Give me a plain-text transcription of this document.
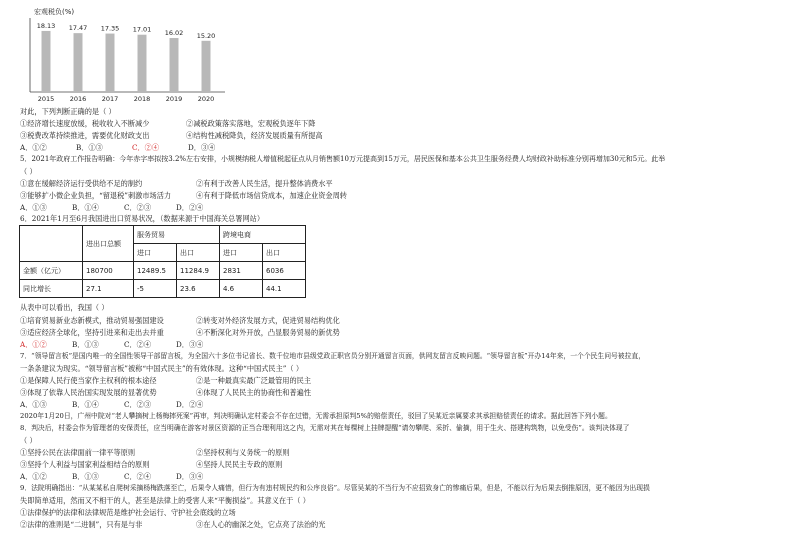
宏观税负(%)
18.13
2015
17.47
2016
17.35
2017
17.01
2018
16.02
2019
15.20
2020
对此，下列判断正确的是（ ）
①经济增长速度放缓，税收收入不断减少	②减税政策落实落地，宏观税负逐年下降
③税费改革持续推进，需要优化财政支出	④结构性减税降负，经济发展质量有所提高
A．①②	B．①③	C．②④	D．③④
5．2021年政府工作报告明确：今年赤字率拟按3.2%左右安排，小规模纳税人增值税起征点从月销售额10万元提高到15万元，居民医保和基本公共卫生服务经费人均财政补助标准分别再增加30元和5元。此举
（ ）
①意在缓解经济运行受供给不足的制约	②有利于改善人民生活，提升整体消费水平
③能够扩小微企业负担，“留退税”刺激市场活力	④有利于降低市场信贷成本，加速企业资金周转
A．①③	B．①④	C．②③	D．②④
6．2021年1月至6月我国进出口贸易状况，（数据来源于中国海关总署网站）
	进出口总额	服务贸易		跨境电商	
		进口	出口	进口	出口
金额（亿元）	180700	12489.5	11284.9	2831	6036
同比增长	27.1	-5	23.6	4.6	44.1
从表中可以看出，我国（ ）
①培育贸易新业态新模式，推动贸易强国建设	②转变对外经济发展方式，促进贸易结构优化
③适应经济全球化，坚持引进来和走出去并重	④不断深化对外开放，凸显服务贸易的新优势
A．①②	B．①③	C．②④	D．③④
7．“领导留言板”是国内唯一的全国性领导干部留言板，为全国六十多位书记省长、数千位地市县级党政正职官员分别开通留言页面，供网友留言反映问题。“领导留言板”开办14年来，一个个民生问号被拉直，
一条条建议为现实。“领导留言板”被称“中国式民主”的有效体现。这种“中国式民主”（ ）
①是保障人民行使当家作主权利的根本途径	②是一种最真实最广泛最管用的民主
③体现了依靠人民治国实现发展的显著优势	④体现了人民民主的协商性和普遍性
A．①③	B．①④	C．②③	D．②④
2020年1月20日，广州中院对“老人攀摘树上杨梅摔死案”再审，判决明确认定村委会不存在过错，无需承担原判5%的赔偿责任，驳回了吴某近亲属要求其承担赔偿责任的请求。据此回答下列小题。
8．判决后，村委会作为管理者的安保责任，应当明确在游客对景区资源的正当合理利用这之内，无需对其在每棵树上挂牌提醒“请勿攀爬、采折、偷摘，用于生火、搭建构筑物，以免受伤”。该判决体现了
（ ）
①坚持公民在法律面前一律平等原则	②坚持权利与义务统一的原则
③坚持个人利益与国家利益相结合的原则	④坚持人民民主专政的原则
A．①②	B．①③	C．②④	D．③④
9．法院明确指出：“从某某私自爬树采摘杨梅跌落至亡，后果令人痛惜，但行为有违村规民约和公序良俗”。尽管吴某的不当行为不应招致身亡的惨痛后果，但是，不能以行为后果去倒推原因，更不能因为出现损
失即简单适用，然而又不相干的人，甚至是法律上的受害人来“平衡损益”。其意义在于（ ）
①法律保护的法律和法律规范是维护社会运行、守护社会底线的立场
②法律的准则是“二进制”，只有是与非	③在人心的幽深之处，它点亮了法治的光
